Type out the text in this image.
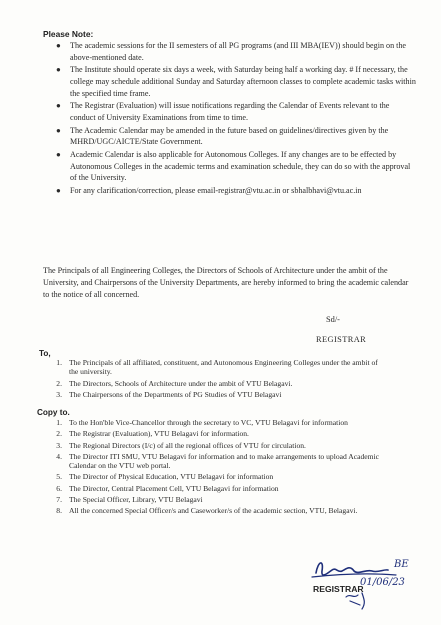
Please Note:
● The academic sessions for the II semesters of all PG programs (and III MBA(IEV)) should begin on the above-mentioned date.
● The Institute should operate six days a week, with Saturday being half a working day. # If necessary, the college may schedule additional Sunday and Saturday afternoon classes to complete academic tasks within the specified time frame.
● The Registrar (Evaluation) will issue notifications regarding the Calendar of Events relevant to the conduct of University Examinations from time to time.
● The Academic Calendar may be amended in the future based on guidelines/directives given by the MHRD/UGC/AICTE/State Government.
● Academic Calendar is also applicable for Autonomous Colleges. If any changes are to be effected by Autonomous Colleges in the academic terms and examination schedule, they can do so with the approval of the University.
● For any clarification/correction, please email-registrar@vtu.ac.in or sbhalbhavi@vtu.ac.in
The Principals of all Engineering Colleges, the Directors of Schools of Architecture under the ambit of the University, and Chairpersons of the University Departments, are hereby informed to bring the academic calendar to the notice of all concerned.
Sd/-
REGISTRAR
To,
1. The Principals of all affiliated, constituent, and Autonomous Engineering Colleges under the ambit of the university.
2. The Directors, Schools of Architecture under the ambit of VTU Belagavi.
3. The Chairpersons of the Departments of PG Studies of VTU Belagavi
Copy to.
1. To the Hon'ble Vice-Chancellor through the secretary to VC, VTU Belagavi for information
2. The Registrar (Evaluation), VTU Belagavi for information.
3. The Regional Directors (I/c) of all the regional offices of VTU for circulation.
4. The Director ITI SMU, VTU Belagavi for information and to make arrangements to upload Academic Calendar on the VTU web portal.
5. The Director of Physical Education, VTU Belagavi for information
6. The Director, Central Placement Cell, VTU Belagavi for information
7. The Special Officer, Library, VTU Belagavi
8. All the concerned Special Officer/s and Caseworker/s of the academic section, VTU, Belagavi.
BE
01/06/23
REGISTRAR
